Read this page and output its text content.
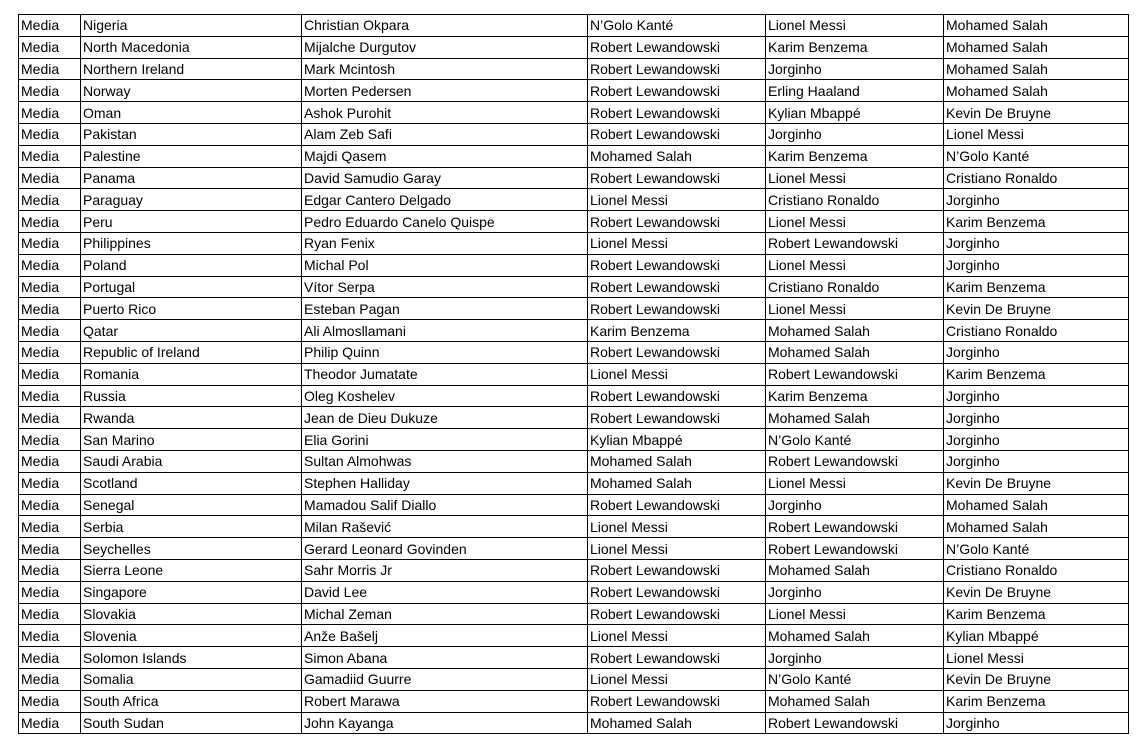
Media	Nigeria	Christian Okpara	N’Golo Kanté	Lionel Messi	Mohamed Salah
Media	North Macedonia	Mijalche Durgutov	Robert Lewandowski	Karim Benzema	Mohamed Salah
Media	Northern Ireland	Mark Mcintosh	Robert Lewandowski	Jorginho	Mohamed Salah
Media	Norway	Morten Pedersen	Robert Lewandowski	Erling Haaland	Mohamed Salah
Media	Oman	Ashok Purohit	Robert Lewandowski	Kylian Mbappé	Kevin De Bruyne
Media	Pakistan	Alam Zeb Safi	Robert Lewandowski	Jorginho	Lionel Messi
Media	Palestine	Majdi Qasem	Mohamed Salah	Karim Benzema	N’Golo Kanté
Media	Panama	David Samudio Garay	Robert Lewandowski	Lionel Messi	Cristiano Ronaldo
Media	Paraguay	Edgar Cantero Delgado	Lionel Messi	Cristiano Ronaldo	Jorginho
Media	Peru	Pedro Eduardo Canelo Quispe	Robert Lewandowski	Lionel Messi	Karim Benzema
Media	Philippines	Ryan Fenix	Lionel Messi	Robert Lewandowski	Jorginho
Media	Poland	Michal Pol	Robert Lewandowski	Lionel Messi	Jorginho
Media	Portugal	Vítor Serpa	Robert Lewandowski	Cristiano Ronaldo	Karim Benzema
Media	Puerto Rico	Esteban Pagan	Robert Lewandowski	Lionel Messi	Kevin De Bruyne
Media	Qatar	Ali Almosllamani	Karim Benzema	Mohamed Salah	Cristiano Ronaldo
Media	Republic of Ireland	Philip Quinn	Robert Lewandowski	Mohamed Salah	Jorginho
Media	Romania	Theodor Jumatate	Lionel Messi	Robert Lewandowski	Karim Benzema
Media	Russia	Oleg Koshelev	Robert Lewandowski	Karim Benzema	Jorginho
Media	Rwanda	Jean de Dieu Dukuze	Robert Lewandowski	Mohamed Salah	Jorginho
Media	San Marino	Elia Gorini	Kylian Mbappé	N’Golo Kanté	Jorginho
Media	Saudi Arabia	Sultan Almohwas	Mohamed Salah	Robert Lewandowski	Jorginho
Media	Scotland	Stephen Halliday	Mohamed Salah	Lionel Messi	Kevin De Bruyne
Media	Senegal	Mamadou Salif Diallo	Robert Lewandowski	Jorginho	Mohamed Salah
Media	Serbia	Milan Rašević	Lionel Messi	Robert Lewandowski	Mohamed Salah
Media	Seychelles	Gerard Leonard Govinden	Lionel Messi	Robert Lewandowski	N’Golo Kanté
Media	Sierra Leone	Sahr Morris Jr	Robert Lewandowski	Mohamed Salah	Cristiano Ronaldo
Media	Singapore	David Lee	Robert Lewandowski	Jorginho	Kevin De Bruyne
Media	Slovakia	Michal Zeman	Robert Lewandowski	Lionel Messi	Karim Benzema
Media	Slovenia	Anže Bašelj	Lionel Messi	Mohamed Salah	Kylian Mbappé
Media	Solomon Islands	Simon Abana	Robert Lewandowski	Jorginho	Lionel Messi
Media	Somalia	Gamadiid Guurre	Lionel Messi	N’Golo Kanté	Kevin De Bruyne
Media	South Africa	Robert Marawa	Robert Lewandowski	Mohamed Salah	Karim Benzema
Media	South Sudan	John Kayanga	Mohamed Salah	Robert Lewandowski	Jorginho
